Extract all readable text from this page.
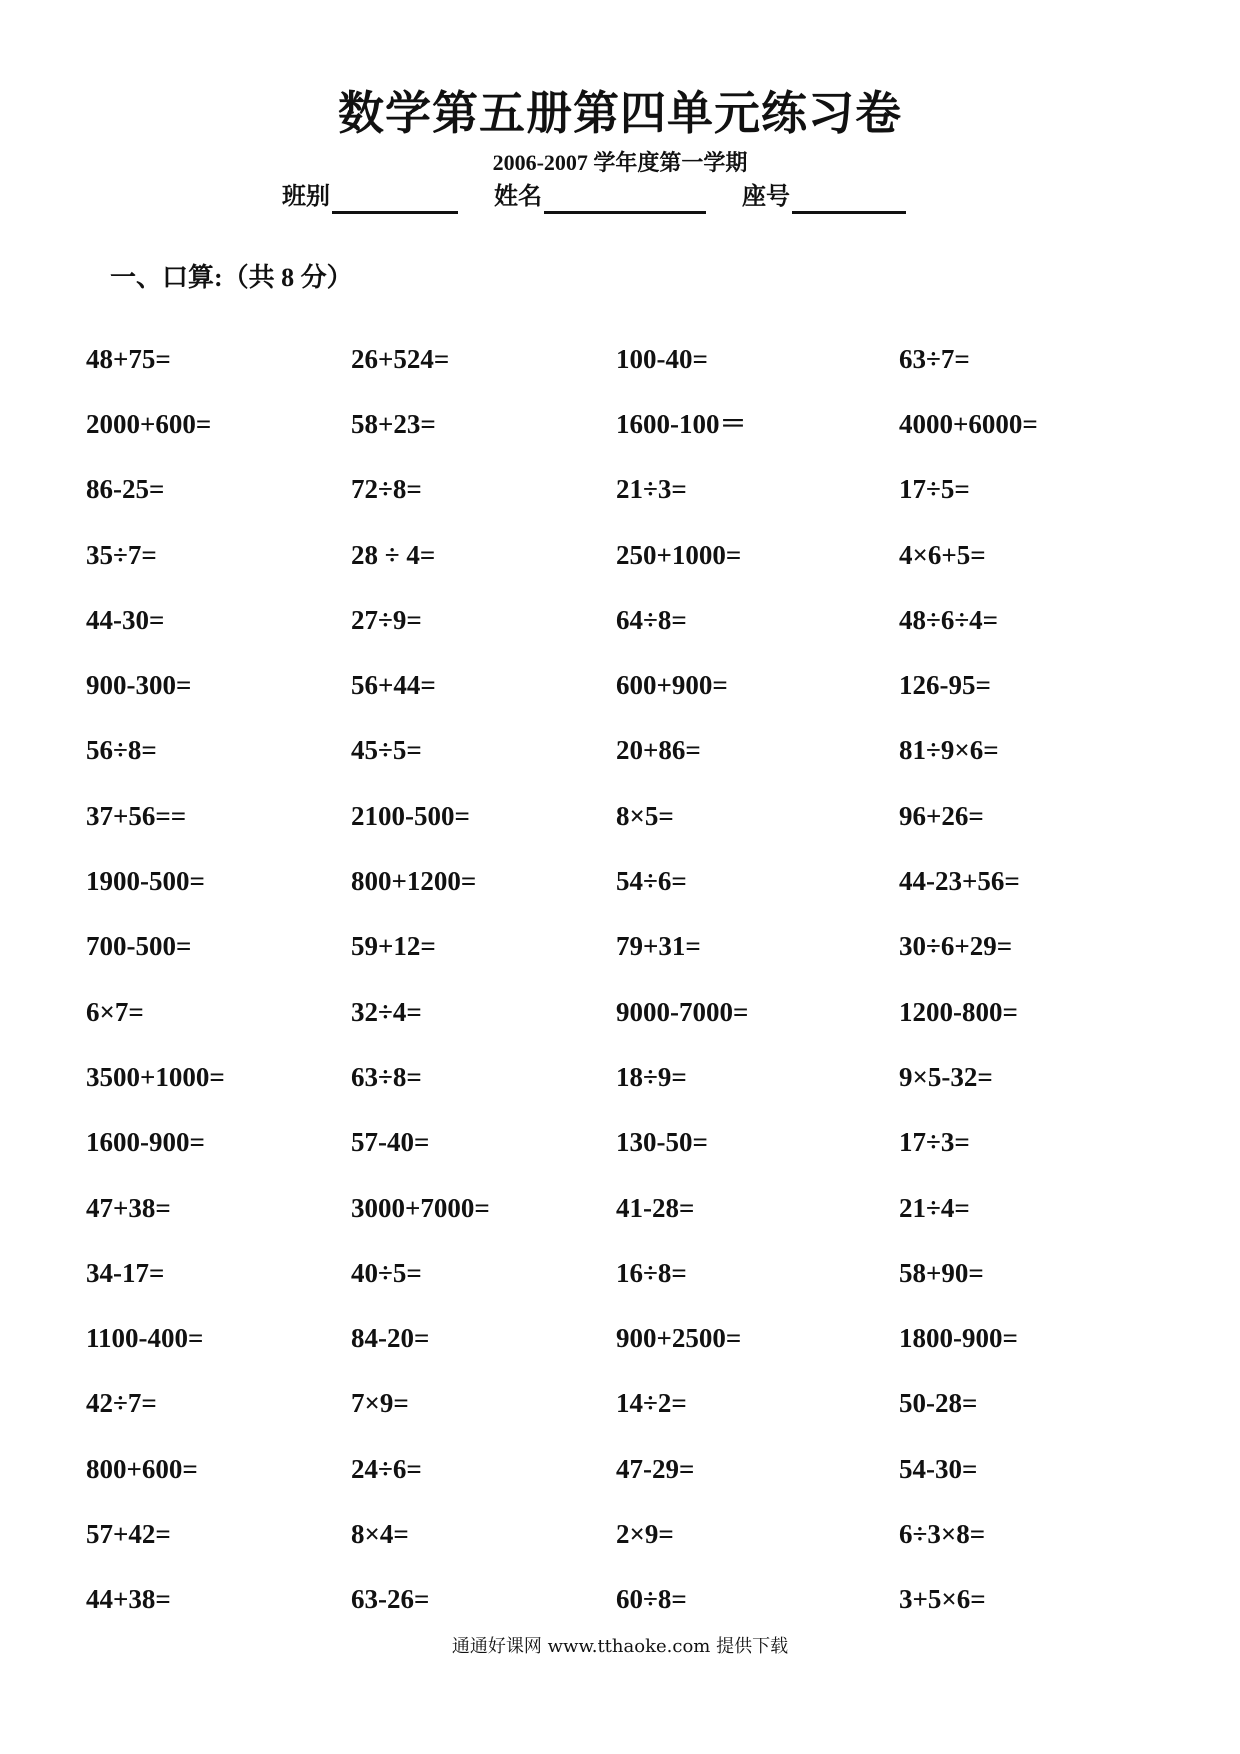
数学第五册第四单元练习卷
2006-2007 学年度第一学期
班别	姓名	座号
一、口算:（共 8 分）
48+75=	26+524=	100-40=	63÷7=
2000+600=	58+23=	1600-100＝	4000+6000=
86-25=	72÷8=	21÷3=	17÷5=
35÷7=	28 ÷ 4=	250+1000=	4×6+5=
44-30=	27÷9=	64÷8=	48÷6÷4=
900-300=	56+44=	600+900=	126-95=
56÷8=	45÷5=	20+86=	81÷9×6=
37+56==	2100-500=	8×5=	96+26=
1900-500=	800+1200=	54÷6=	44-23+56=
700-500=	59+12=	79+31=	30÷6+29=
6×7=	32÷4=	9000-7000=	1200-800=
3500+1000=	63÷8=	18÷9=	9×5-32=
1600-900=	57-40=	130-50=	17÷3=
47+38=	3000+7000=	41-28=	21÷4=
34-17=	40÷5=	16÷8=	58+90=
1100-400=	84-20=	900+2500=	1800-900=
42÷7=	7×9=	14÷2=	50-28=
800+600=	24÷6=	47-29=	54-30=
57+42=	8×4=	2×9=	6÷3×8=
44+38=	63-26=	60÷8=	3+5×6=
通通好课网 www.tthaoke.com 提供下载
